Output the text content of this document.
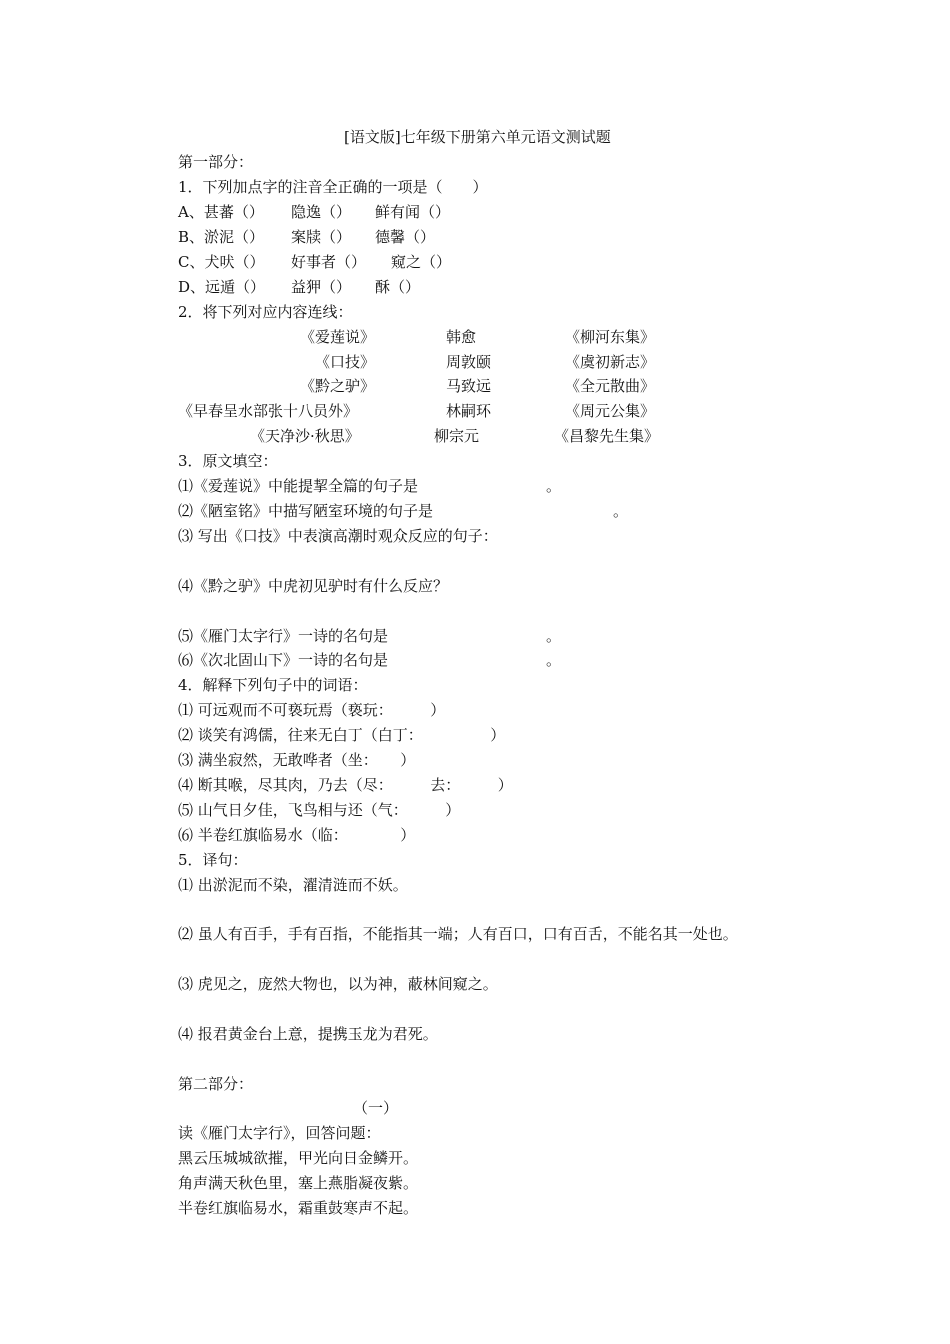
[语文版]七年级下册第六单元语文测试题
第一部分：
1．下列加点字的注音全正确的一项是（　　）
A、甚蕃（） 隐逸（） 鲜有闻（）
B、淤泥（） 案牍（） 德馨（）
C、犬吠（） 好事者（） 窥之（）
D、远遁（） 益狎（） 酥（）
2．将下列对应内容连线：
《爱莲说》	韩愈	《柳河东集》
《口技》	周敦颐	《虞初新志》
《黔之驴》	马致远	《全元散曲》
《早春呈水部张十八员外》	林嗣环	《周元公集》
《天净沙·秋思》	柳宗元	《昌黎先生集》
3．原文填空：
⑴《爱莲说》中能提挈全篇的句子是	。
⑵《陋室铭》中描写陋室环境的句子是	。
⑶ 写出《口技》中表演高潮时观众反应的句子：
⑷《黔之驴》中虎初见驴时有什么反应？
⑸《雁门太字行》一诗的名句是	。
⑹《次北固山下》一诗的名句是	。
4．解释下列句子中的词语：
⑴ 可远观而不可亵玩焉（亵玩：　　　）
⑵ 谈笑有鸿儒，往来无白丁（白丁：　　　　　）
⑶ 满坐寂然，无敢哗者（坐：　　）
⑷ 断其喉，尽其肉，乃去（尽：　　　去：　　　）
⑸ 山气日夕佳，飞鸟相与还（气：　　　）
⑹ 半卷红旗临易水（临：　　　　）
5．译句：
⑴ 出淤泥而不染，濯清涟而不妖。
⑵ 虽人有百手，手有百指，不能指其一端；人有百口，口有百舌，不能名其一处也。
⑶ 虎见之，庞然大物也，以为神，蔽林间窥之。
⑷ 报君黄金台上意，提携玉龙为君死。
第二部分：
（一）
读《雁门太字行》，回答问题：
黑云压城城欲摧，甲光向日金鳞开。
角声满天秋色里，塞上燕脂凝夜紫。
半卷红旗临易水，霜重鼓寒声不起。
